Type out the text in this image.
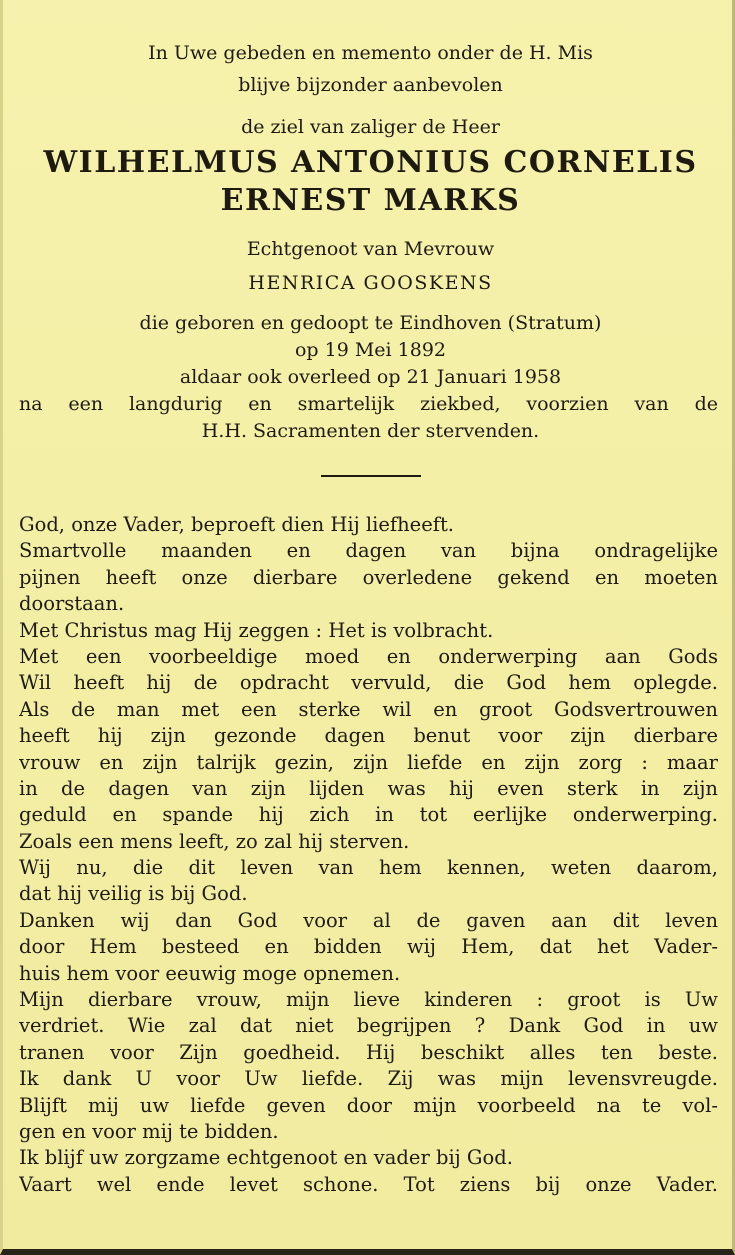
In Uwe gebeden en memento onder de H. Mis
blijve bijzonder aanbevolen
de ziel van zaliger de Heer
WILHELMUS ANTONIUS CORNELIS
ERNEST MARKS
Echtgenoot van Mevrouw
HENRICA GOOSKENS
die geboren en gedoopt te Eindhoven (Stratum)
op 19 Mei 1892
aldaar ook overleed op 21 Januari 1958
na een langdurig en smartelijk ziekbed, voorzien van de
H.H. Sacramenten der stervenden.
God, onze Vader, beproeft dien Hij liefheeft.
Smartvolle maanden en dagen van bijna ondragelijke
pijnen heeft onze dierbare overledene gekend en moeten
doorstaan.
Met Christus mag Hij zeggen : Het is volbracht.
Met een voorbeeldige moed en onderwerping aan Gods
Wil heeft hij de opdracht vervuld, die God hem oplegde.
Als de man met een sterke wil en groot Godsvertrouwen
heeft hij zijn gezonde dagen benut voor zijn dierbare
vrouw en zijn talrijk gezin, zijn liefde en zijn zorg : maar
in de dagen van zijn lijden was hij even sterk in zijn
geduld en spande hij zich in tot eerlijke onderwerping.
Zoals een mens leeft, zo zal hij sterven.
Wij nu, die dit leven van hem kennen, weten daarom,
dat hij veilig is bij God.
Danken wij dan God voor al de gaven aan dit leven
door Hem besteed en bidden wij Hem, dat het Vader-
huis hem voor eeuwig moge opnemen.
Mijn dierbare vrouw, mijn lieve kinderen : groot is Uw
verdriet. Wie zal dat niet begrijpen ? Dank God in uw
tranen voor Zijn goedheid. Hij beschikt alles ten beste.
Ik dank U voor Uw liefde. Zij was mijn levensvreugde.
Blijft mij uw liefde geven door mijn voorbeeld na te vol-
gen en voor mij te bidden.
Ik blijf uw zorgzame echtgenoot en vader bij God.
Vaart wel ende levet schone. Tot ziens bij onze Vader.
